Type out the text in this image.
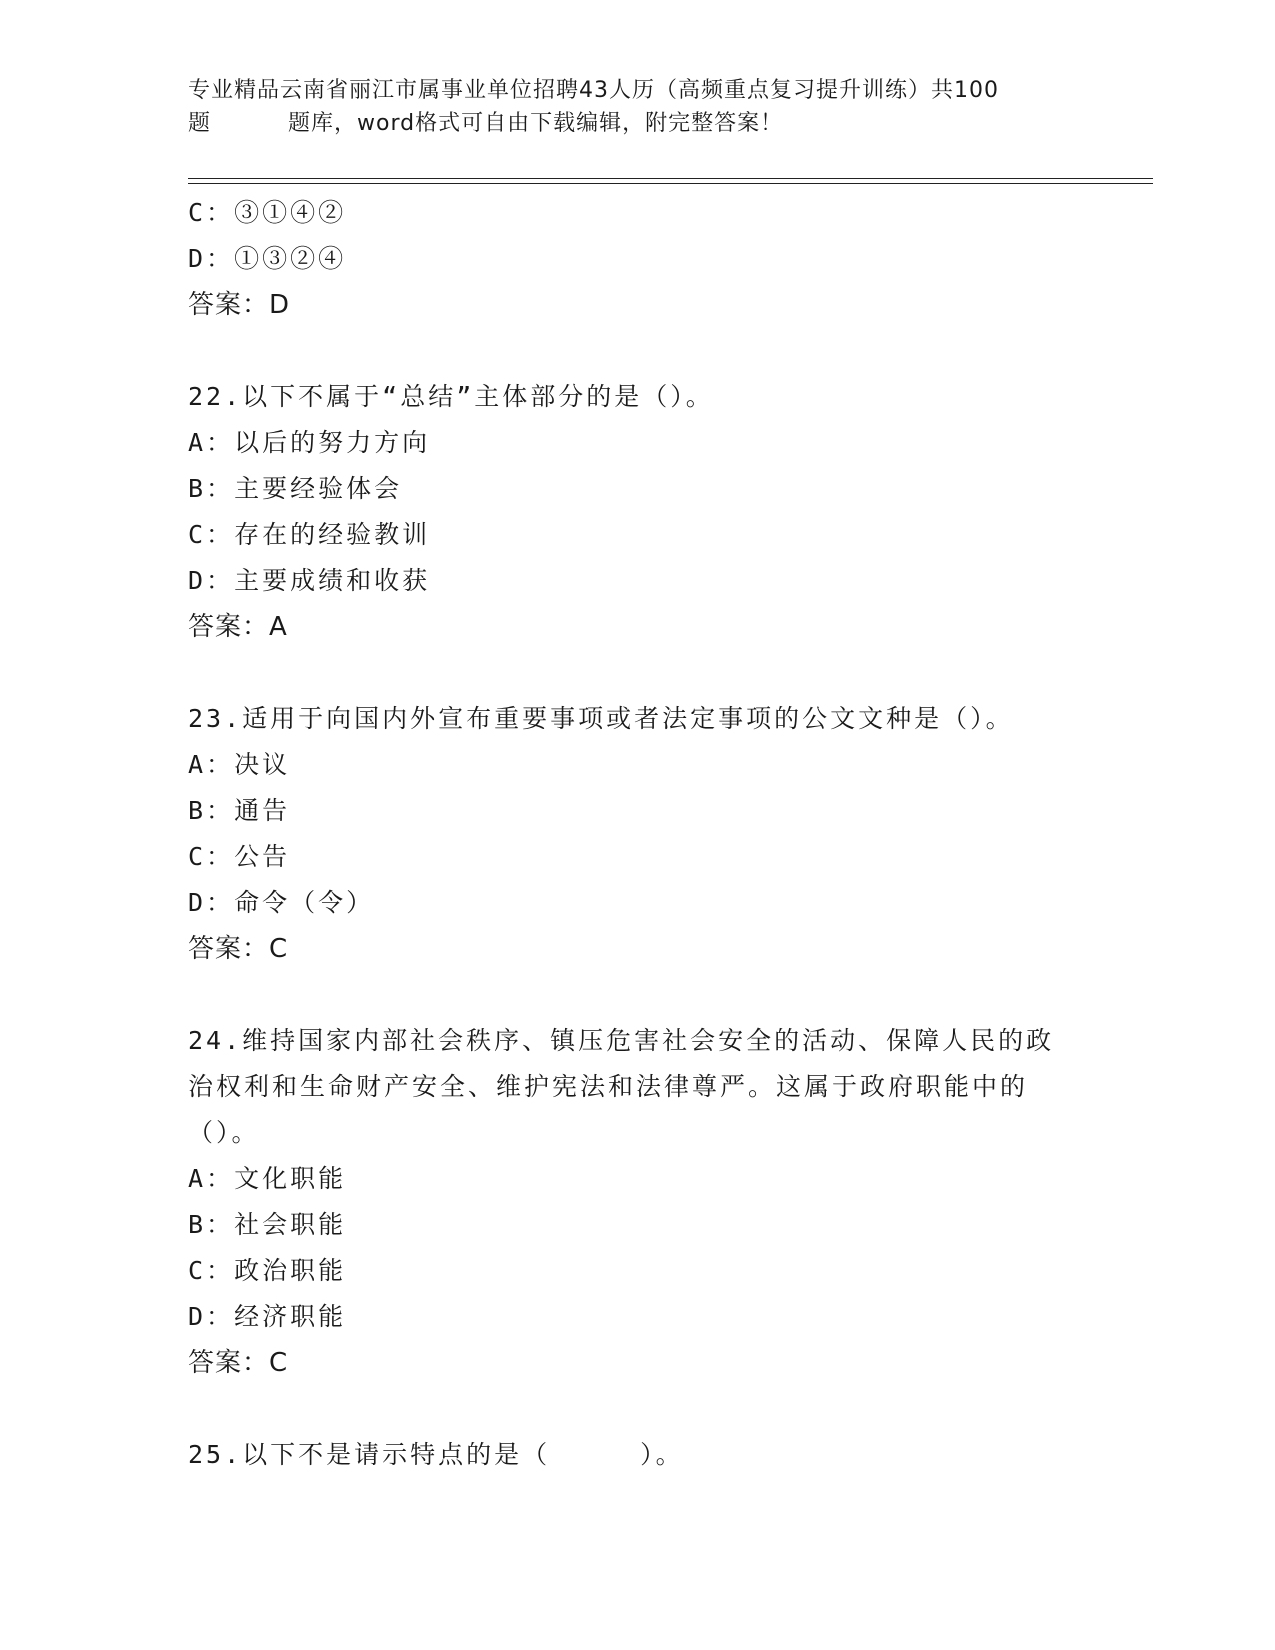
专业精品云南省丽江市属事业单位招聘43人历（高频重点复习提升训练）共100
题	题库，word格式可自由下载编辑，附完整答案！
C：③①④②
D：①③②④
答案：D
22.以下不属于“总结”主体部分的是（）。
A：以后的努力方向
B：主要经验体会
C：存在的经验教训
D：主要成绩和收获
答案：A
23.适用于向国内外宣布重要事项或者法定事项的公文文种是（）。
A：决议
B：通告
C：公告
D：命令（令）
答案：C
24.维持国家内部社会秩序、镇压危害社会安全的活动、保障人民的政
治权利和生命财产安全、维护宪法和法律尊严。这属于政府职能中的
（）。
A：文化职能
B：社会职能
C：政治职能
D：经济职能
答案：C
25.以下不是请示特点的是（	）。
